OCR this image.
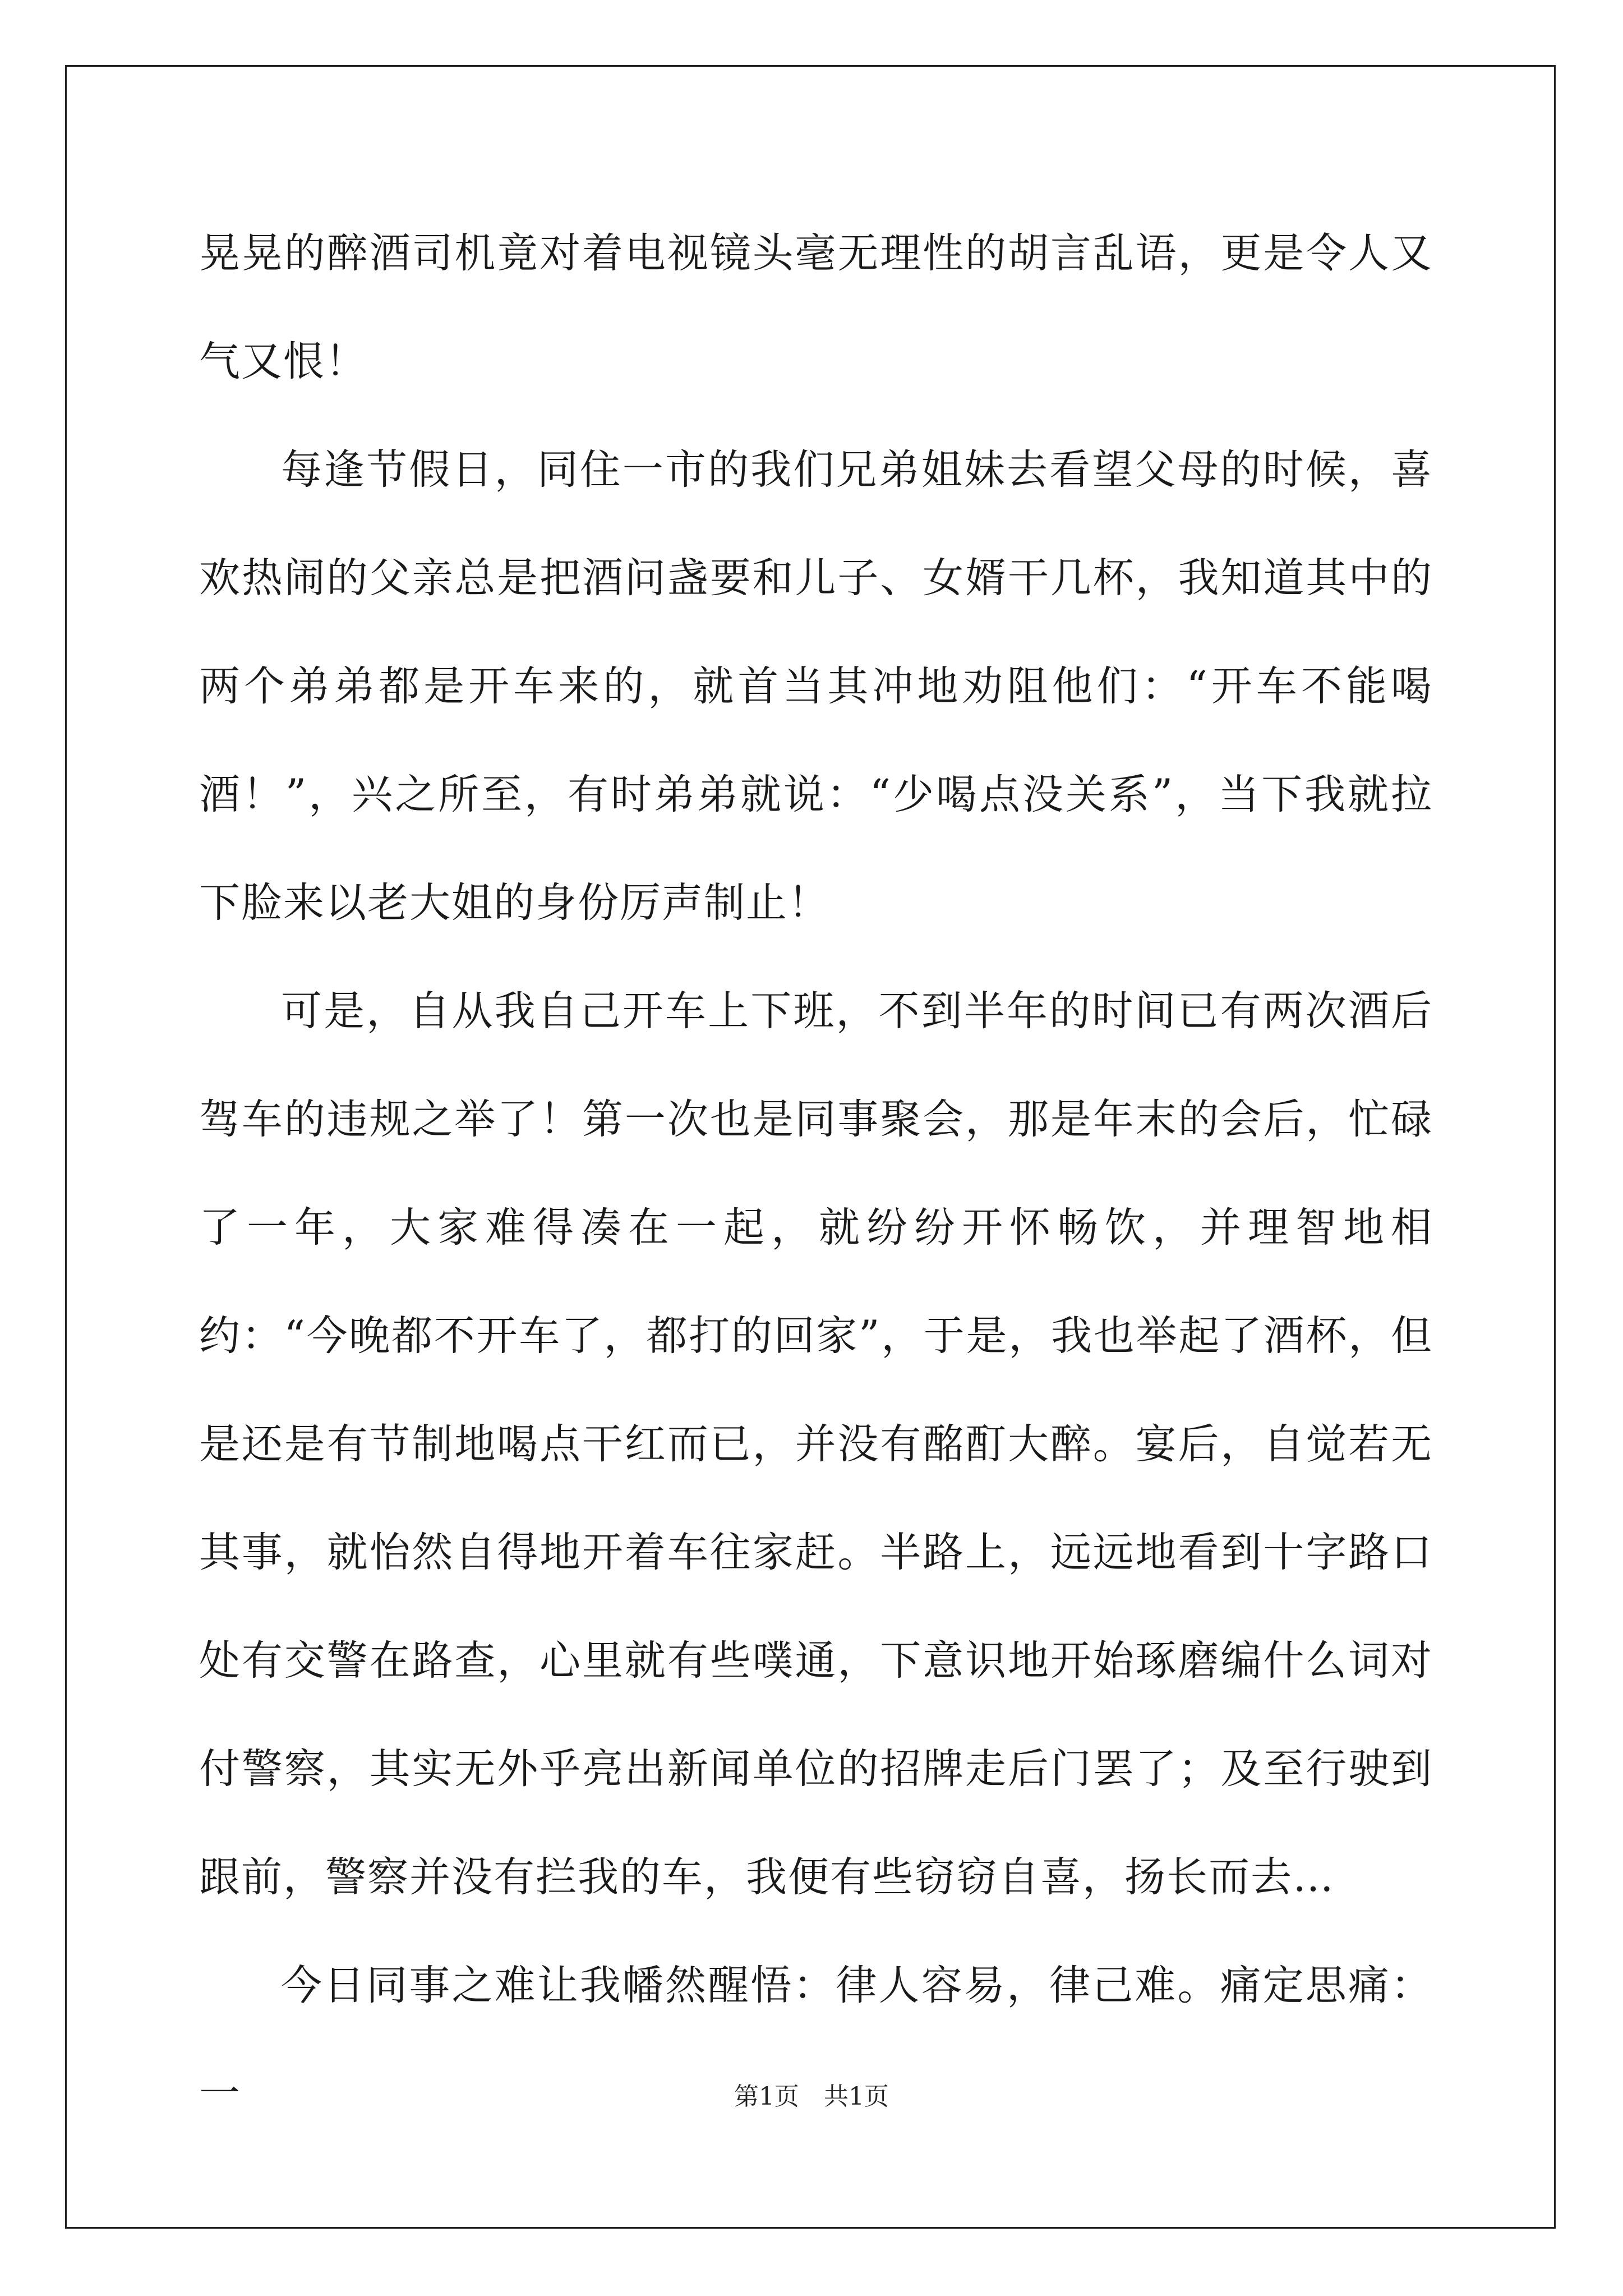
晃晃的醉酒司机竟对着电视镜头毫无理性的胡言乱语，更是令人又气又恨！

每逢节假日，同住一市的我们兄弟姐妹去看望父母的时候，喜欢热闹的父亲总是把酒问盏要和儿子、女婿干几杯，我知道其中的两个弟弟都是开车来的，就首当其冲地劝阻他们：“开车不能喝酒！”，兴之所至，有时弟弟就说：“少喝点没关系”，当下我就拉下脸来以老大姐的身份厉声制止！

可是，自从我自己开车上下班，不到半年的时间已有两次酒后驾车的违规之举了！第一次也是同事聚会，那是年末的会后，忙碌了一年，大家难得凑在一起，就纷纷开怀畅饮，并理智地相约：“今晚都不开车了，都打的回家”，于是，我也举起了酒杯，但是还是有节制地喝点干红而已，并没有酩酊大醉。宴后，自觉若无其事，就怡然自得地开着车往家赶。半路上，远远地看到十字路口处有交警在路查，心里就有些噗通，下意识地开始琢磨编什么词对付警察，其实无外乎亮出新闻单位的招牌走后门罢了；及至行驶到跟前，警察并没有拦我的车，我便有些窃窃自喜，扬长而去…

今日同事之难让我幡然醒悟：律人容易，律己难。痛定思痛：一	第1页　共1页
